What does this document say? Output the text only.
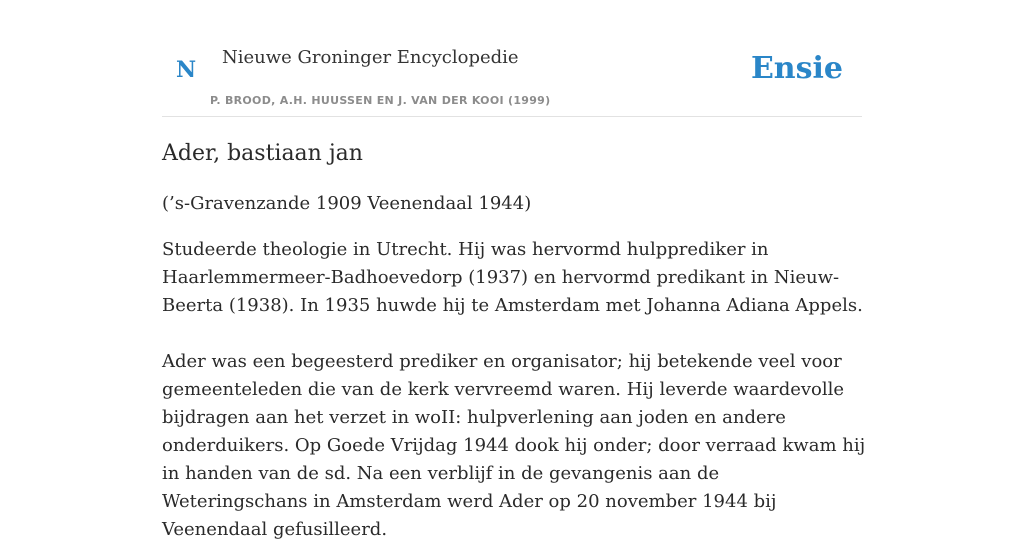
N Nieuwe Groninger Encyclopedie
P. BROOD, A.H. HUUSSEN EN J. VAN DER KOOI (1999)
Ensie
Ader, bastiaan jan

(’s-Gravenzande 1909 Veenendaal 1944)

Studeerde theologie in Utrecht. Hij was hervormd hulpprediker in Haarlemmermeer-Badhoevedorp (1937) en hervormd predikant in Nieuw-Beerta (1938). In 1935 huwde hij te Amsterdam met Johanna Adiana Appels.

Ader was een begeesterd prediker en organisator; hij betekende veel voor gemeenteleden die van de kerk vervreemd waren. Hij leverde waardevolle bijdragen aan het verzet in woII: hulpverlening aan joden en andere onderduikers. Op Goede Vrijdag 1944 dook hij onder; door verraad kwam hij in handen van de sd. Na een verblijf in de gevangenis aan de Weteringschans in Amsterdam werd Ader op 20 november 1944 bij Veenendaal gefusilleerd.
